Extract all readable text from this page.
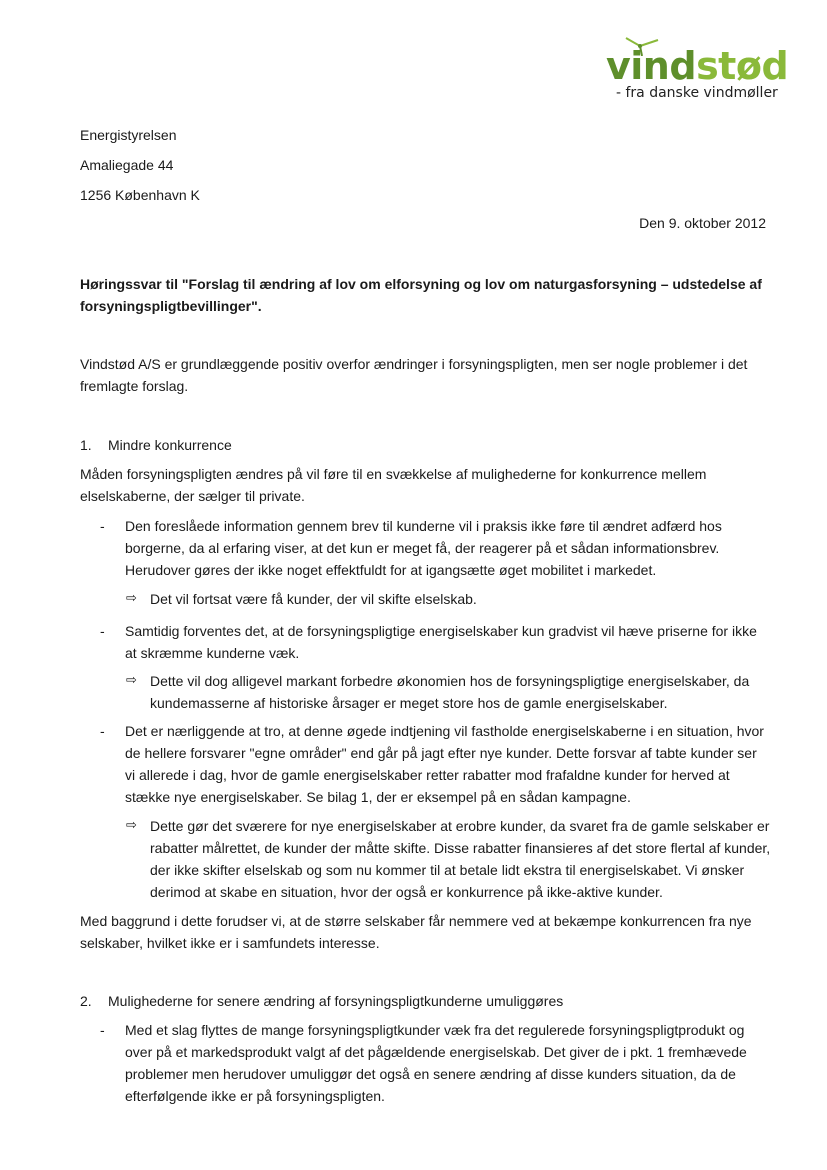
vindstød
- fra danske vindmøller
Energistyrelsen
Amaliegade 44
1256 København K
Den 9. oktober 2012
Høringssvar til "Forslag til ændring af lov om elforsyning og lov om naturgasforsyning – udstedelse af forsyningspligtbevillinger".
Vindstød A/S er grundlæggende positiv overfor ændringer i forsyningspligten, men ser nogle problemer i det fremlagte forslag.
1. Mindre konkurrence
Måden forsyningspligten ændres på vil føre til en svækkelse af mulighederne for konkurrence mellem elselskaberne, der sælger til private.
- Den foreslåede information gennem brev til kunderne vil i praksis ikke føre til ændret adfærd hos borgerne, da al erfaring viser, at det kun er meget få, der reagerer på et sådan informationsbrev. Herudover gøres der ikke noget effektfuldt for at igangsætte øget mobilitet i markedet.
⇨ Det vil fortsat være få kunder, der vil skifte elselskab.
- Samtidig forventes det, at de forsyningspligtige energiselskaber kun gradvist vil hæve priserne for ikke at skræmme kunderne væk.
⇨ Dette vil dog alligevel markant forbedre økonomien hos de forsyningspligtige energiselskaber, da kundemasserne af historiske årsager er meget store hos de gamle energiselskaber.
- Det er nærliggende at tro, at denne øgede indtjening vil fastholde energiselskaberne i en situation, hvor de hellere forsvarer "egne områder" end går på jagt efter nye kunder. Dette forsvar af tabte kunder ser vi allerede i dag, hvor de gamle energiselskaber retter rabatter mod frafaldne kunder for herved at stække nye energiselskaber. Se bilag 1, der er eksempel på en sådan kampagne.
⇨ Dette gør det sværere for nye energiselskaber at erobre kunder, da svaret fra de gamle selskaber er rabatter målrettet, de kunder der måtte skifte. Disse rabatter finansieres af det store flertal af kunder, der ikke skifter elselskab og som nu kommer til at betale lidt ekstra til energiselskabet. Vi ønsker derimod at skabe en situation, hvor der også er konkurrence på ikke-aktive kunder.
Med baggrund i dette forudser vi, at de større selskaber får nemmere ved at bekæmpe konkurrencen fra nye selskaber, hvilket ikke er i samfundets interesse.
2. Mulighederne for senere ændring af forsyningspligtkunderne umuliggøres
- Med et slag flyttes de mange forsyningspligtkunder væk fra det regulerede forsyningspligtprodukt og over på et markedsprodukt valgt af det pågældende energiselskab. Det giver de i pkt. 1 fremhævede problemer men herudover umuliggør det også en senere ændring af disse kunders situation, da de efterfølgende ikke er på forsyningspligten.
